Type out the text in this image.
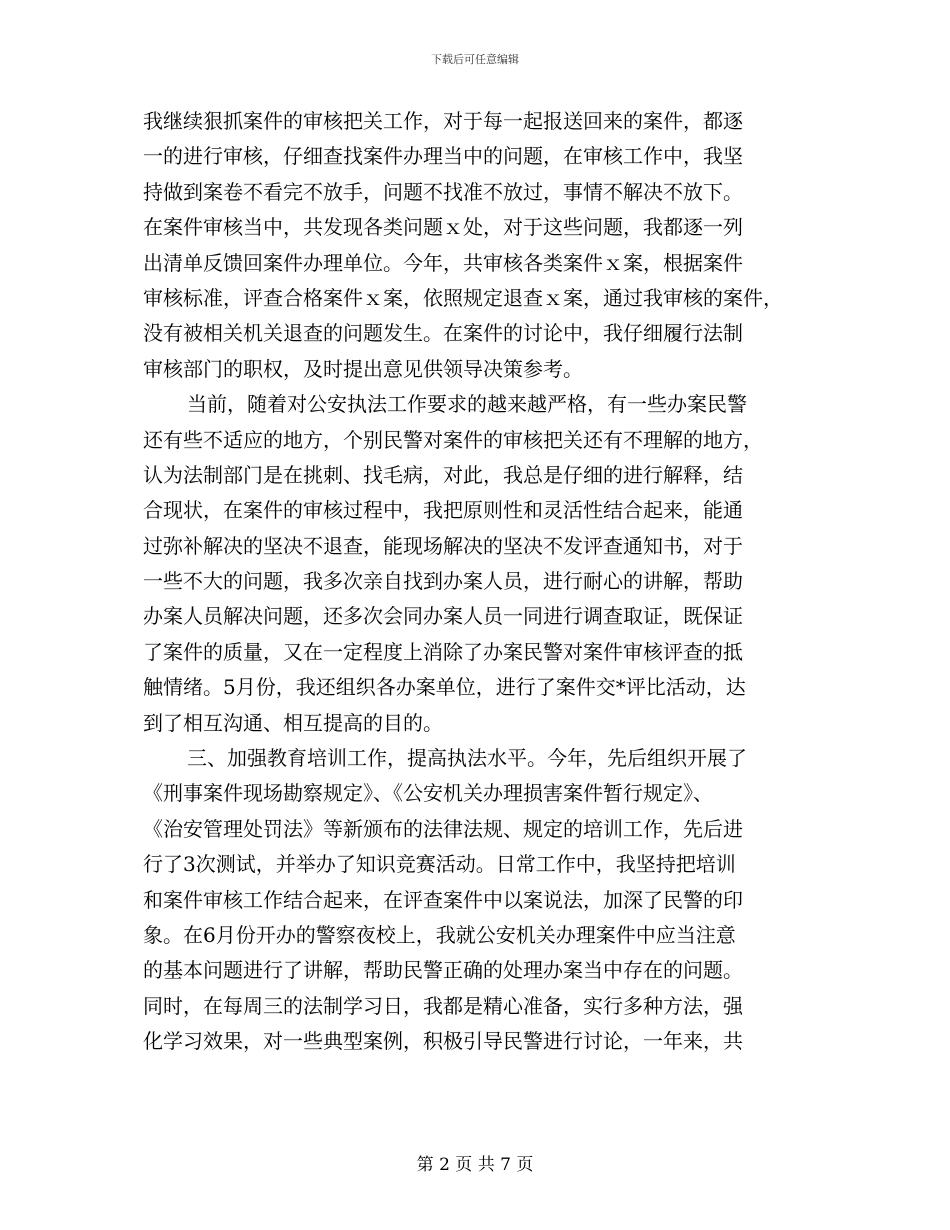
下载后可任意编辑
我继续狠抓案件的审核把关工作，对于每一起报送回来的案件，都逐
一的进行审核，仔细查找案件办理当中的问题，在审核工作中，我坚
持做到案卷不看完不放手，问题不找准不放过，事情不解决不放下。
在案件审核当中，共发现各类问题ｘ处，对于这些问题，我都逐一列
出清单反馈回案件办理单位。今年，共审核各类案件ｘ案，根据案件
审核标准，评查合格案件ｘ案，依照规定退查ｘ案，通过我审核的案件，
没有被相关机关退查的问题发生。在案件的讨论中，我仔细履行法制
审核部门的职权，及时提出意见供领导决策参考。
当前，随着对公安执法工作要求的越来越严格，有一些办案民警
还有些不适应的地方，个别民警对案件的审核把关还有不理解的地方，
认为法制部门是在挑刺、找毛病，对此，我总是仔细的进行解释，结
合现状，在案件的审核过程中，我把原则性和灵活性结合起来，能通
过弥补解决的坚决不退查，能现场解决的坚决不发评查通知书，对于
一些不大的问题，我多次亲自找到办案人员，进行耐心的讲解，帮助
办案人员解决问题，还多次会同办案人员一同进行调查取证，既保证
了案件的质量，又在一定程度上消除了办案民警对案件审核评查的抵
触情绪。5月份，我还组织各办案单位，进行了案件交*评比活动，达
到了相互沟通、相互提高的目的。
三、加强教育培训工作，提高执法水平。今年，先后组织开展了
《刑事案件现场勘察规定》、《公安机关办理损害案件暂行规定》、
《治安管理处罚法》等新颁布的法律法规、规定的培训工作，先后进
行了3次测试，并举办了知识竞赛活动。日常工作中，我坚持把培训
和案件审核工作结合起来，在评查案件中以案说法，加深了民警的印
象。在6月份开办的警察夜校上，我就公安机关办理案件中应当注意
的基本问题进行了讲解，帮助民警正确的处理办案当中存在的问题。
同时，在每周三的法制学习日，我都是精心准备，实行多种方法，强
化学习效果，对一些典型案例，积极引导民警进行讨论，一年来，共
第 2 页 共 7 页
